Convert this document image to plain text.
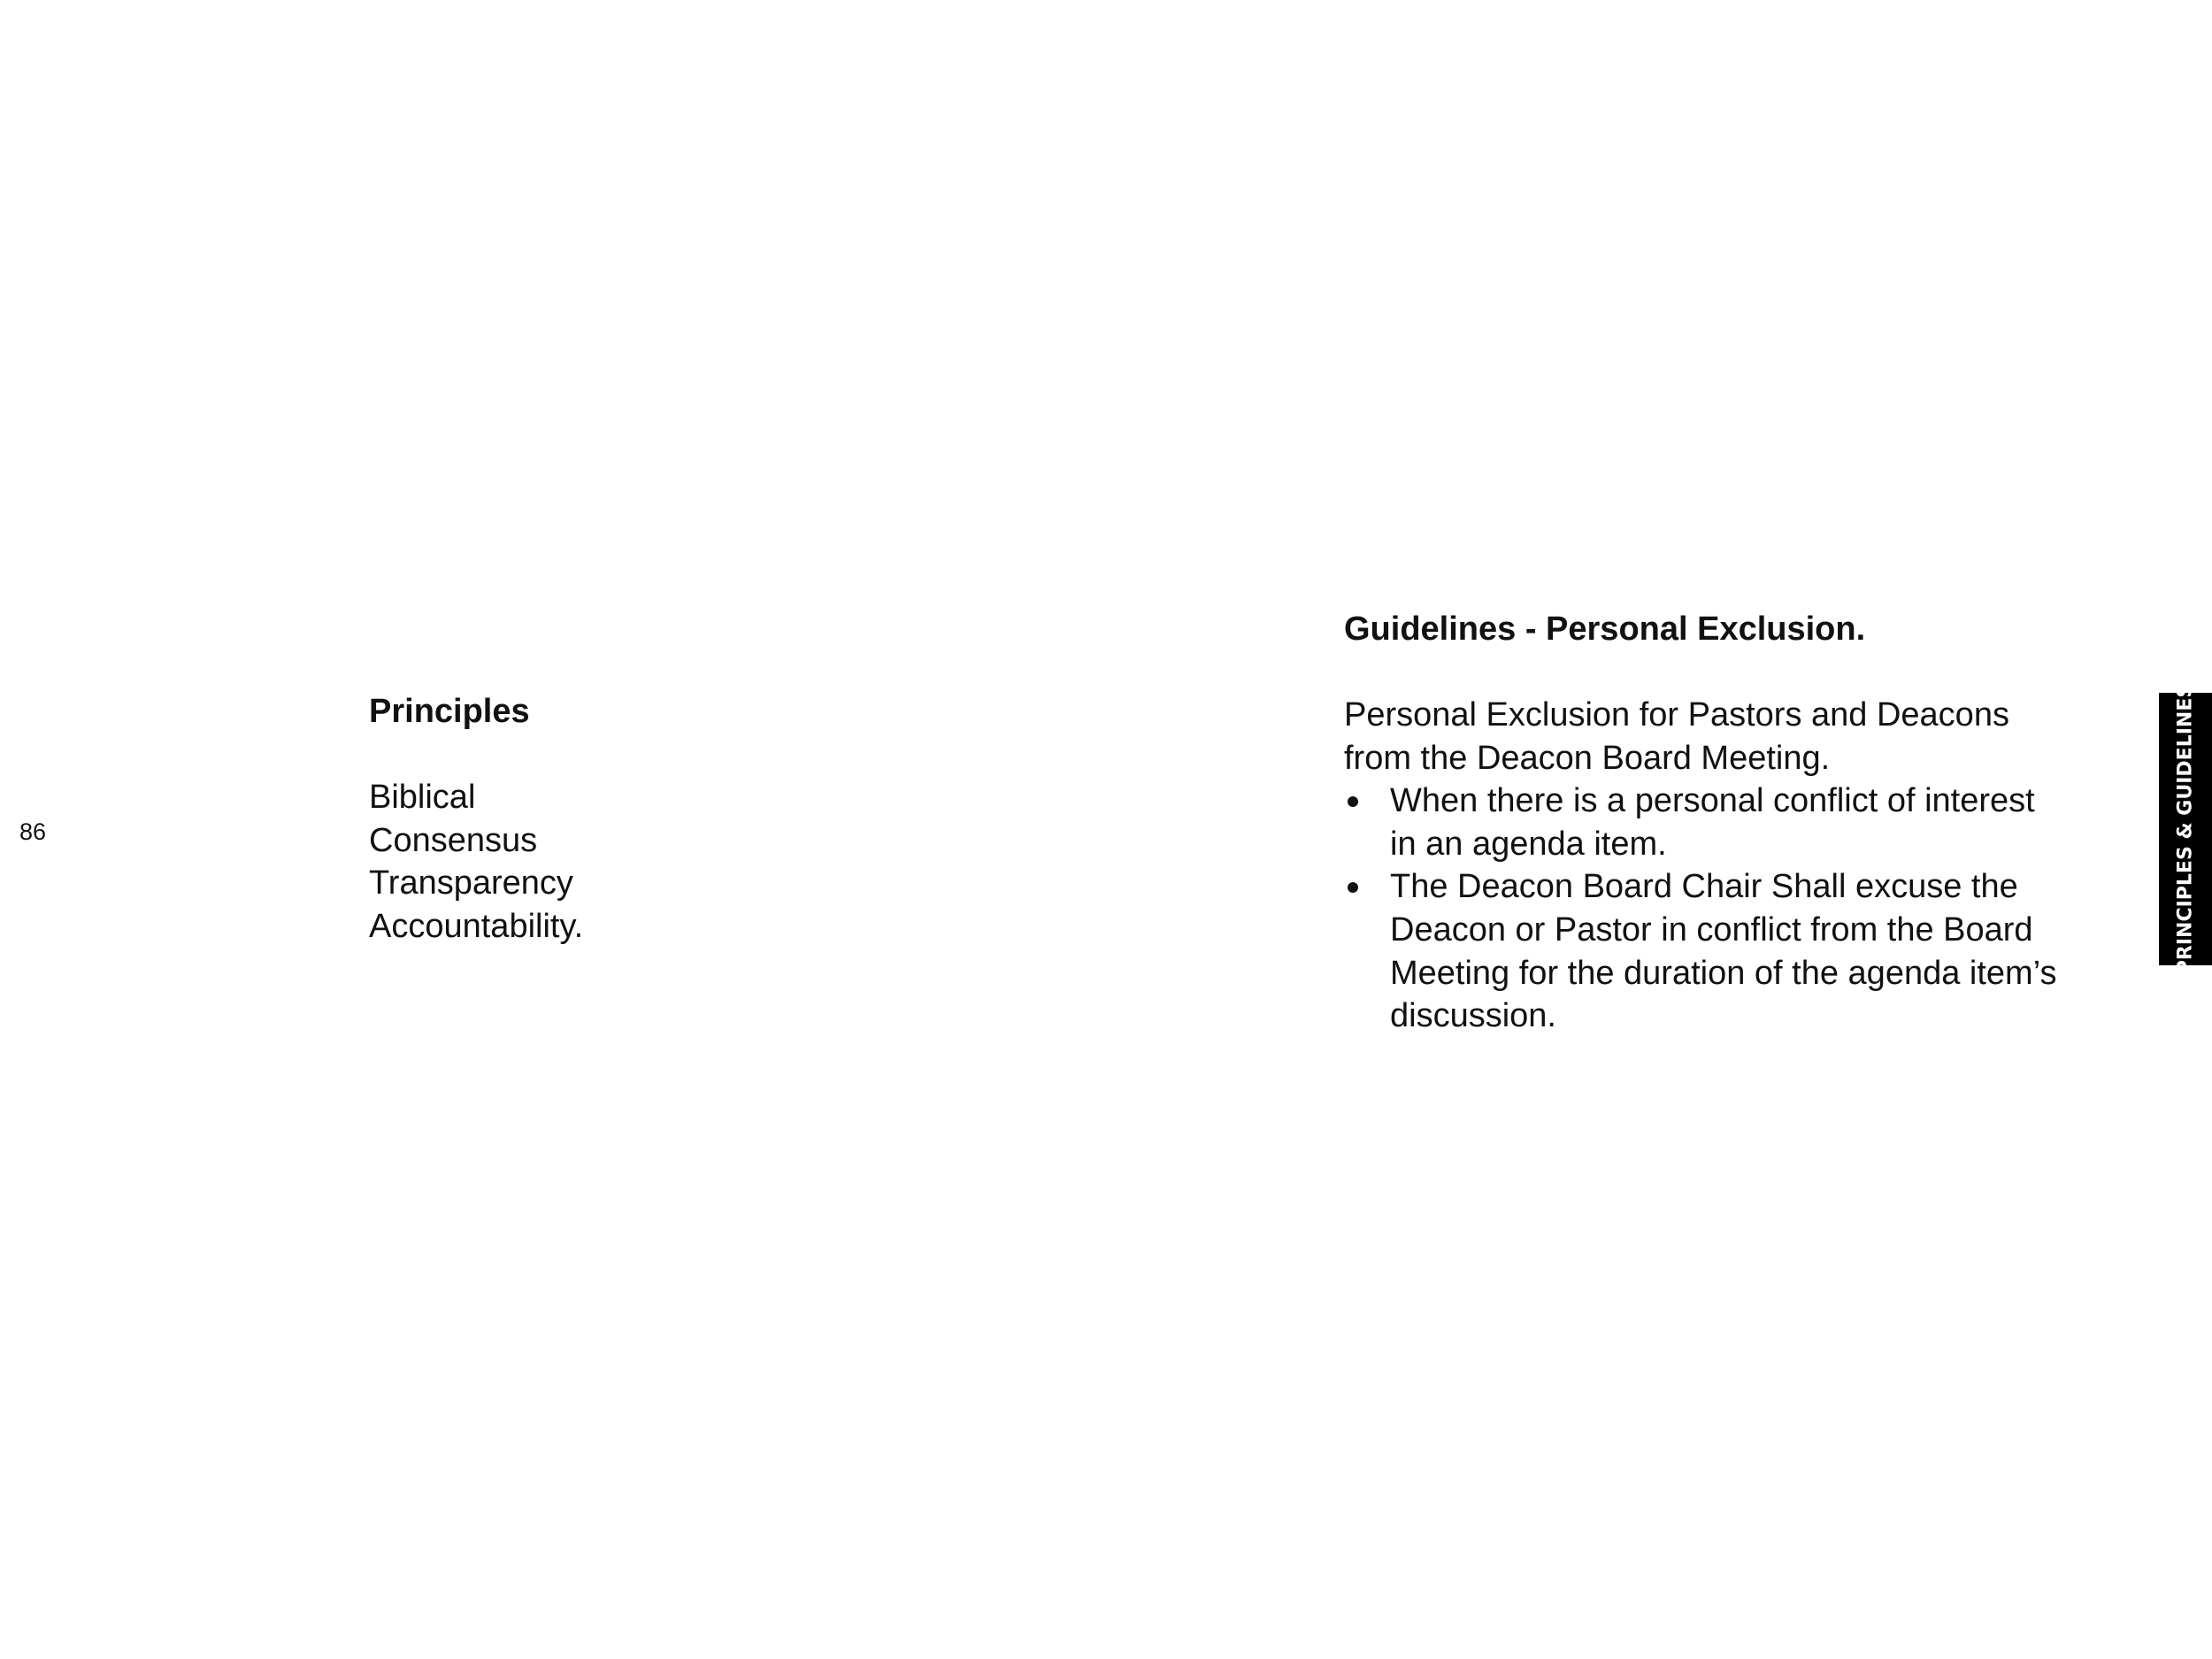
86
Principles
Biblical
Consensus
Transparency
Accountability.
Guidelines - Personal Exclusion.

Personal Exclusion for Pastors and Deacons from the Deacon Board Meeting.

When there is a personal conflict of interest in an agenda item.
The Deacon Board Chair Shall excuse the Deacon or Pastor in conflict from the Board Meeting for the duration of the agenda item’s discussion.
PRINCIPLES & GUIDELINES
